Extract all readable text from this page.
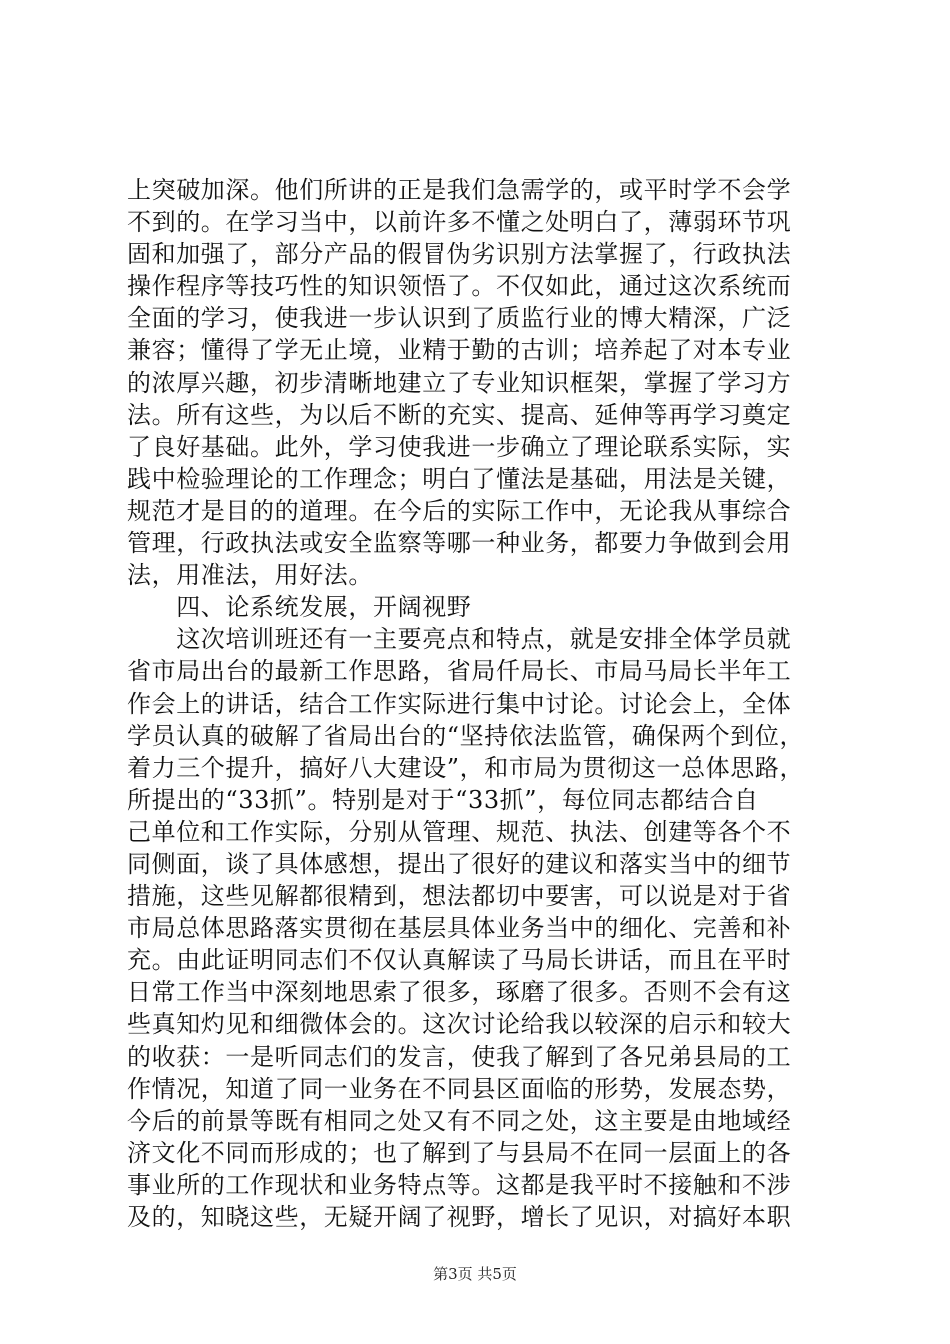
上突破加深。他们所讲的正是我们急需学的，或平时学不会学
不到的。在学习当中，以前许多不懂之处明白了，薄弱环节巩
固和加强了，部分产品的假冒伪劣识别方法掌握了，行政执法
操作程序等技巧性的知识领悟了。不仅如此，通过这次系统而
全面的学习，使我进一步认识到了质监行业的博大精深，广泛
兼容；懂得了学无止境，业精于勤的古训；培养起了对本专业
的浓厚兴趣，初步清晰地建立了专业知识框架，掌握了学习方
法。所有这些，为以后不断的充实、提高、延伸等再学习奠定
了良好基础。此外，学习使我进一步确立了理论联系实际，实
践中检验理论的工作理念；明白了懂法是基础，用法是关键，
规范才是目的的道理。在今后的实际工作中，无论我从事综合
管理，行政执法或安全监察等哪一种业务，都要力争做到会用
法，用准法，用好法。
　　四、论系统发展，开阔视野
　　这次培训班还有一主要亮点和特点，就是安排全体学员就
省市局出台的最新工作思路，省局仟局长、市局马局长半年工
作会上的讲话，结合工作实际进行集中讨论。讨论会上，全体
学员认真的破解了省局出台的“坚持依法监管，确保两个到位，
着力三个提升，搞好八大建设”，和市局为贯彻这一总体思路，
所提出的“33抓”。特别是对于“33抓”，每位同志都结合自
己单位和工作实际，分别从管理、规范、执法、创建等各个不
同侧面，谈了具体感想，提出了很好的建议和落实当中的细节
措施，这些见解都很精到，想法都切中要害，可以说是对于省
市局总体思路落实贯彻在基层具体业务当中的细化、完善和补
充。由此证明同志们不仅认真解读了马局长讲话，而且在平时
日常工作当中深刻地思索了很多，琢磨了很多。否则不会有这
些真知灼见和细微体会的。这次讨论给我以较深的启示和较大
的收获：一是听同志们的发言，使我了解到了各兄弟县局的工
作情况，知道了同一业务在不同县区面临的形势，发展态势，
今后的前景等既有相同之处又有不同之处，这主要是由地域经
济文化不同而形成的；也了解到了与县局不在同一层面上的各
事业所的工作现状和业务特点等。这都是我平时不接触和不涉
及的，知晓这些，无疑开阔了视野，增长了见识，对搞好本职
第3页 共5页
